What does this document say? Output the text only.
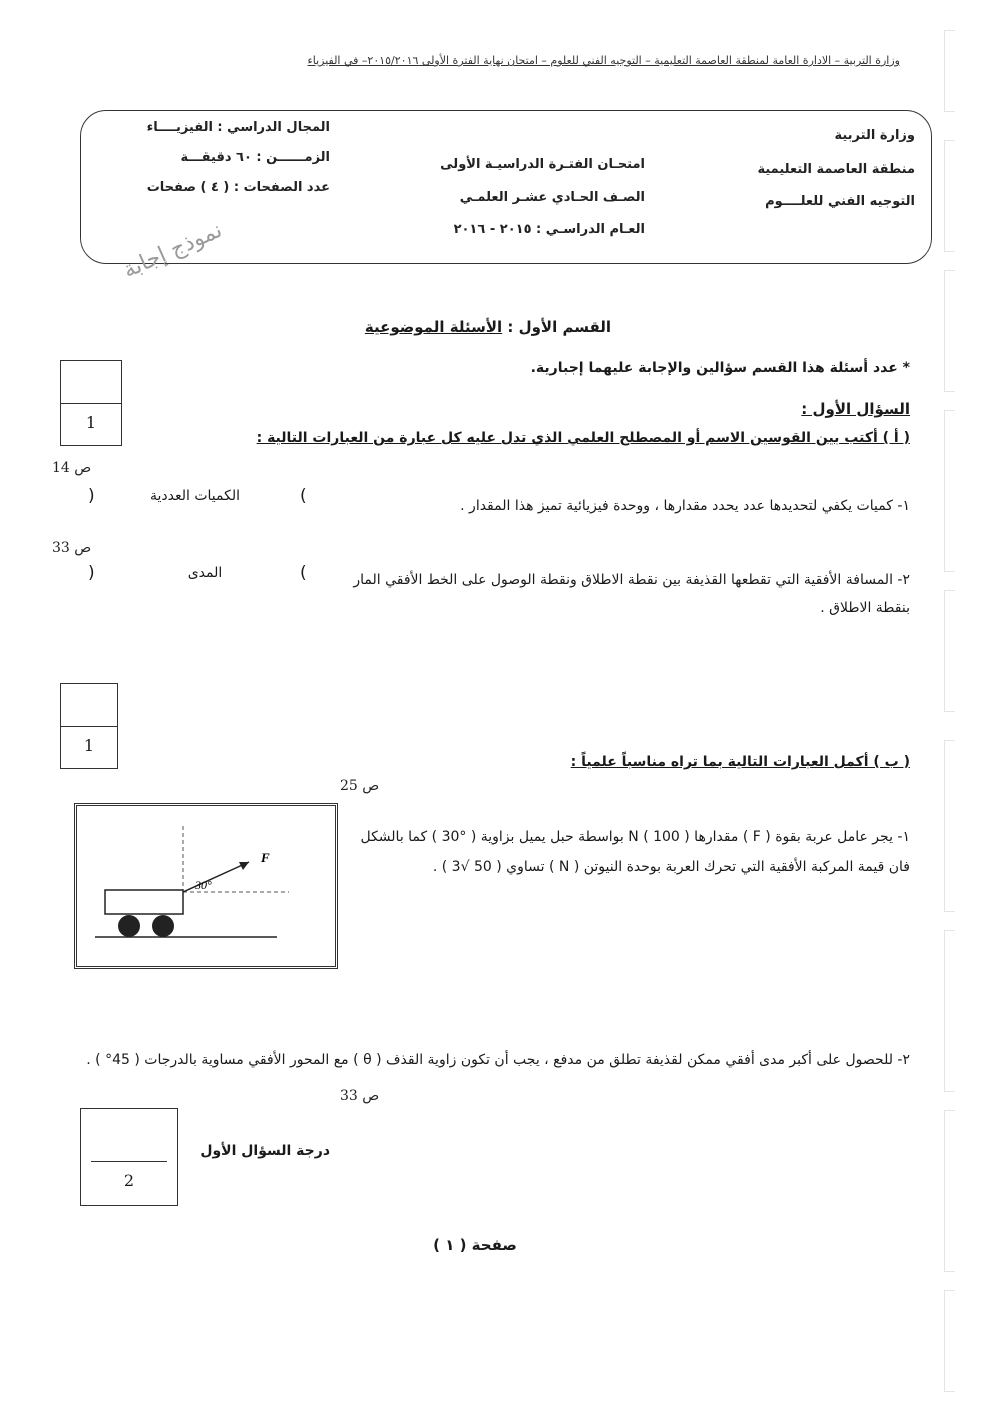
وزارة التربية – الادارة العامة لمنطقة العاصمة التعليمية – التوجيه الفني للعلوم – امتحان نهاية الفترة الأولى ٢٠١٥/٢٠١٦– في الفيزياء
وزارة التربية
منطقة العاصمة التعليمية
التوجيه الفني للعلــــوم
امتحـان الفتـرة الدراسيـة الأولى
الصـف الحـادي عشـر العلمـي
العـام الدراسـي : ٢٠١٥ - ٢٠١٦
المجال الدراسي : الفيزيــــاء
الزمــــــن : ٦٠ دقيقـــة
عدد الصفحات : ( ٤ ) صفحات
نموذج إجابة
القسم الأول : الأسئلة الموضوعية
* عدد أسئلة هذا القسم سؤالين والإجابة عليهما إجبارية.
1
السؤال الأول :
( أ ) أكتب بين القوسين الاسم أو المصطلح العلمي الذي تدل عليه كل عبارة من العبارات التالية :
ص 14
)	الكميات العددية	(	١- كميات يكفي لتحديدها عدد يحدد مقدارها ، ووحدة فيزيائية تميز هذا المقدار .
ص 33
)	المدى	(	٢- المسافة الأفقية التي تقطعها القذيفة بين نقطة الاطلاق ونقطة الوصول على الخط الأفقي المار بنقطة الاطلاق .
1
( ب ) أكمل العبارات التالية بما تراه مناسباً علمياً :
ص 25
F
30°
١- يجر عامل عربة بقوة ( F ) مقدارها N ( 100 ) بواسطة حبل يميل بزاوية ( °30 ) كما بالشكل فان قيمة المركبة الأفقية التي تحرك العربة بوحدة النيوتن ( N ) تساوي ( 50 √3 ) .
٢- للحصول على أكبر مدى أفقي ممكن لقذيفة تطلق من مدفع ، يجب أن تكون زاوية القذف ( θ ) مع المحور الأفقي مساوية بالدرجات ( 45° ) .
ص 33
2
درجة السؤال الأول
صفحة ( ١ )
